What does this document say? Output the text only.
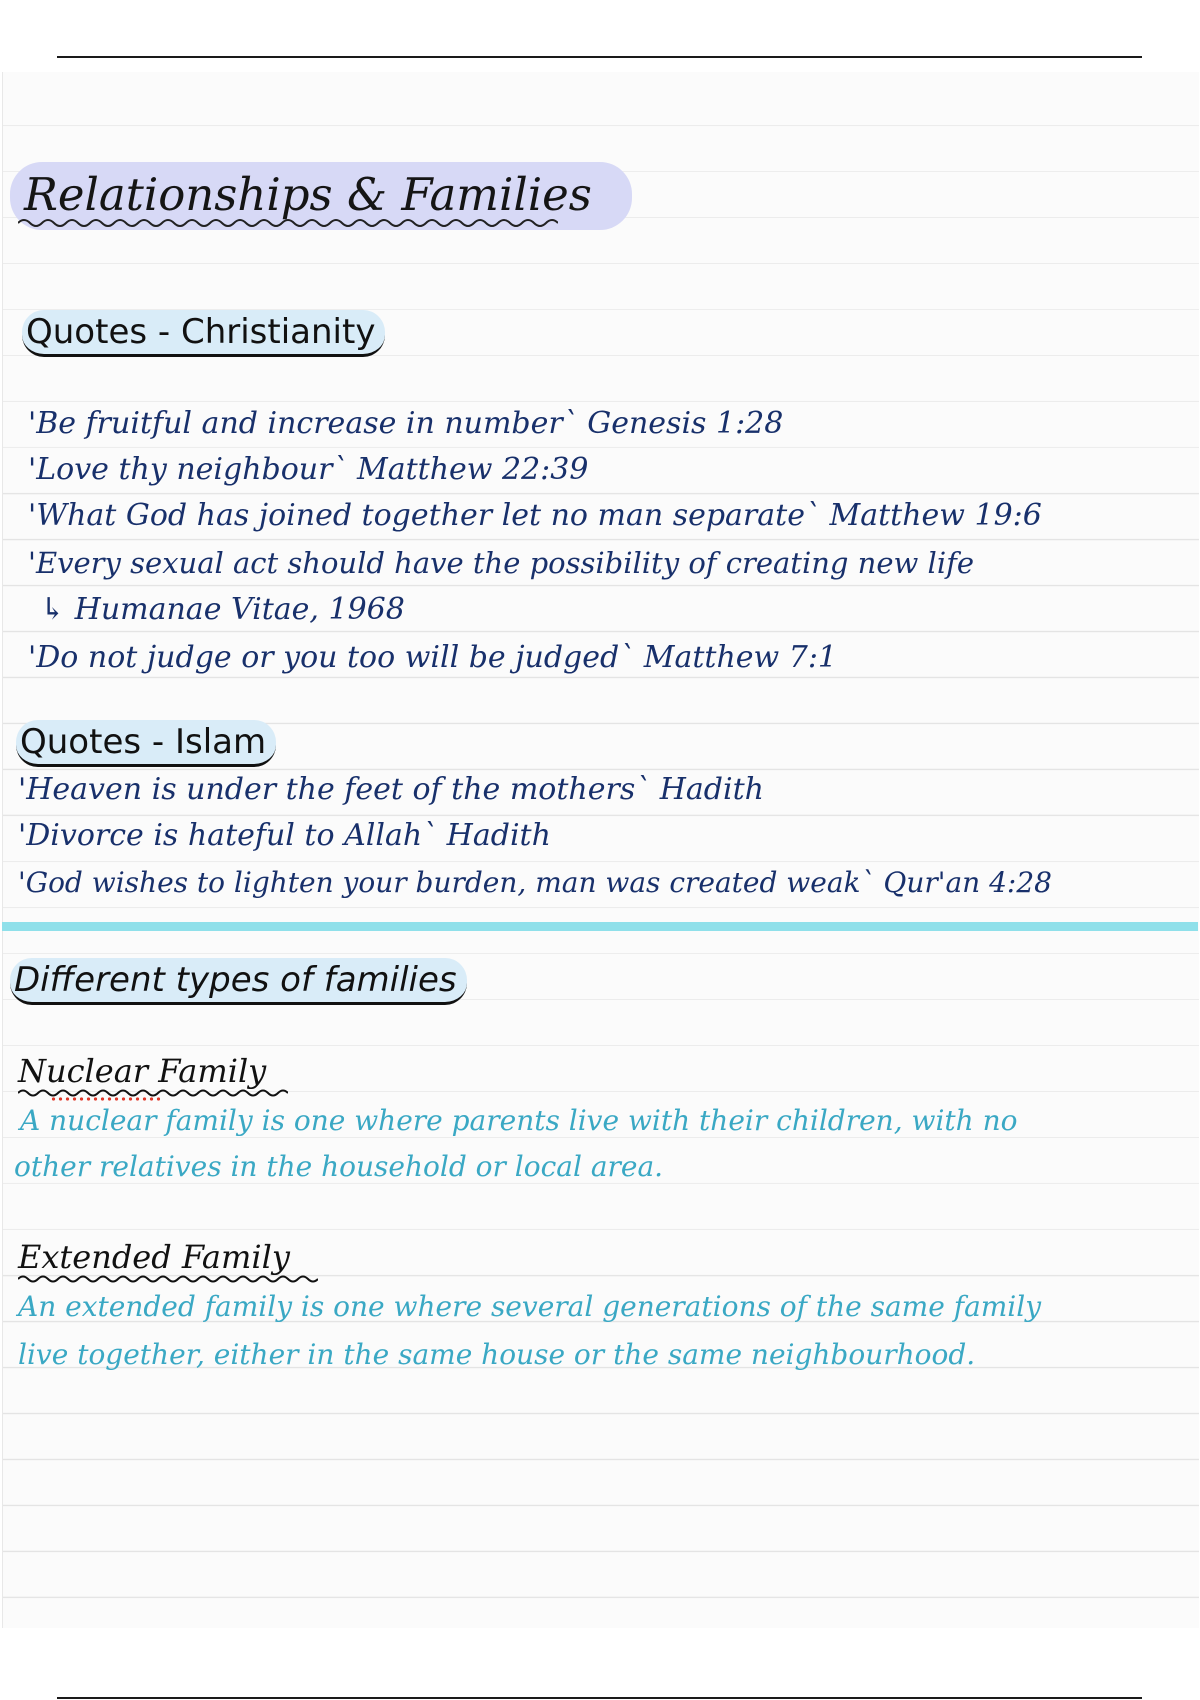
Relationships & Families
Quotes - Christianity
'Be fruitful and increase in number` Genesis 1:28
'Love thy neighbour` Matthew 22:39
'What God has joined together let no man separate` Matthew 19:6
'Every sexual act should have the possibility of creating new life
↳ Humanae Vitae, 1968
'Do not judge or you too will be judged` Matthew 7:1
Quotes - Islam
'Heaven is under the feet of the mothers` Hadith
'Divorce is hateful to Allah` Hadith
'God wishes to lighten your burden, man was created weak` Qur'an 4:28
Different types of families
Nuclear Family
A nuclear family is one where parents live with their children, with no
other relatives in the household or local area.
Extended Family
An extended family is one where several generations of the same family
live together, either in the same house or the same neighbourhood.
